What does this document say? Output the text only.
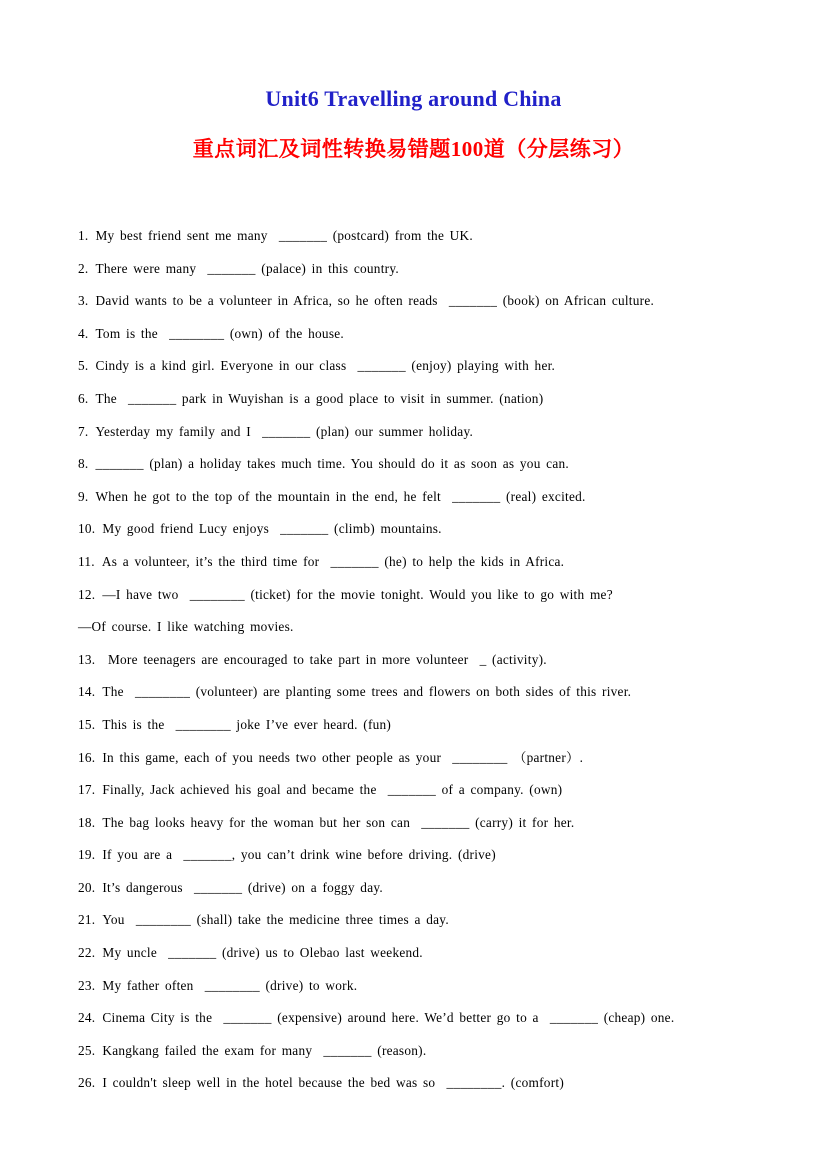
Unit6 Travelling around China
重点词汇及词性转换易错题100道（分层练习）

1. My best friend sent me many  _______ (postcard) from the UK.

2. There were many  _______ (palace) in this country.

3. David wants to be a volunteer in Africa, so he often reads  _______ (book) on African culture.

4. Tom is the  ________ (own) of the house.

5. Cindy is a kind girl. Everyone in our class  _______ (enjoy) playing with her.

6. The  _______ park in Wuyishan is a good place to visit in summer. (nation)

7. Yesterday my family and I  _______ (plan) our summer holiday.

8. _______ (plan) a holiday takes much time. You should do it as soon as you can.

9. When he got to the top of the mountain in the end, he felt  _______ (real) excited.

10. My good friend Lucy enjoys  _______ (climb) mountains.

11. As a volunteer, it’s the third time for  _______ (he) to help the kids in Africa.

12. —I have two  ________ (ticket) for the movie tonight. Would you like to go with me?

—Of course. I like watching movies.

13. More teenagers are encouraged to take part in more volunteer  _ (activity).

14. The  ________ (volunteer) are planting some trees and flowers on both sides of this river.

15. This is the  ________ joke I’ve ever heard. (fun)

16. In this game, each of you needs two other people as your  ________ （partner）.

17. Finally, Jack achieved his goal and became the  _______ of a company. (own)

18. The bag looks heavy for the woman but her son can  _______ (carry) it for her.

19. If you are a  _______, you can’t drink wine before driving. (drive)

20. It’s dangerous  _______ (drive) on a foggy day.

21. You  ________ (shall) take the medicine three times a day.

22. My uncle  _______ (drive) us to Olebao last weekend.

23. My father often  ________ (drive) to work.

24. Cinema City is the  _______ (expensive) around here. We’d better go to a  _______ (cheap) one.

25. Kangkang failed the exam for many  _______ (reason).

26. I couldn't sleep well in the hotel because the bed was so  ________. (comfort)
